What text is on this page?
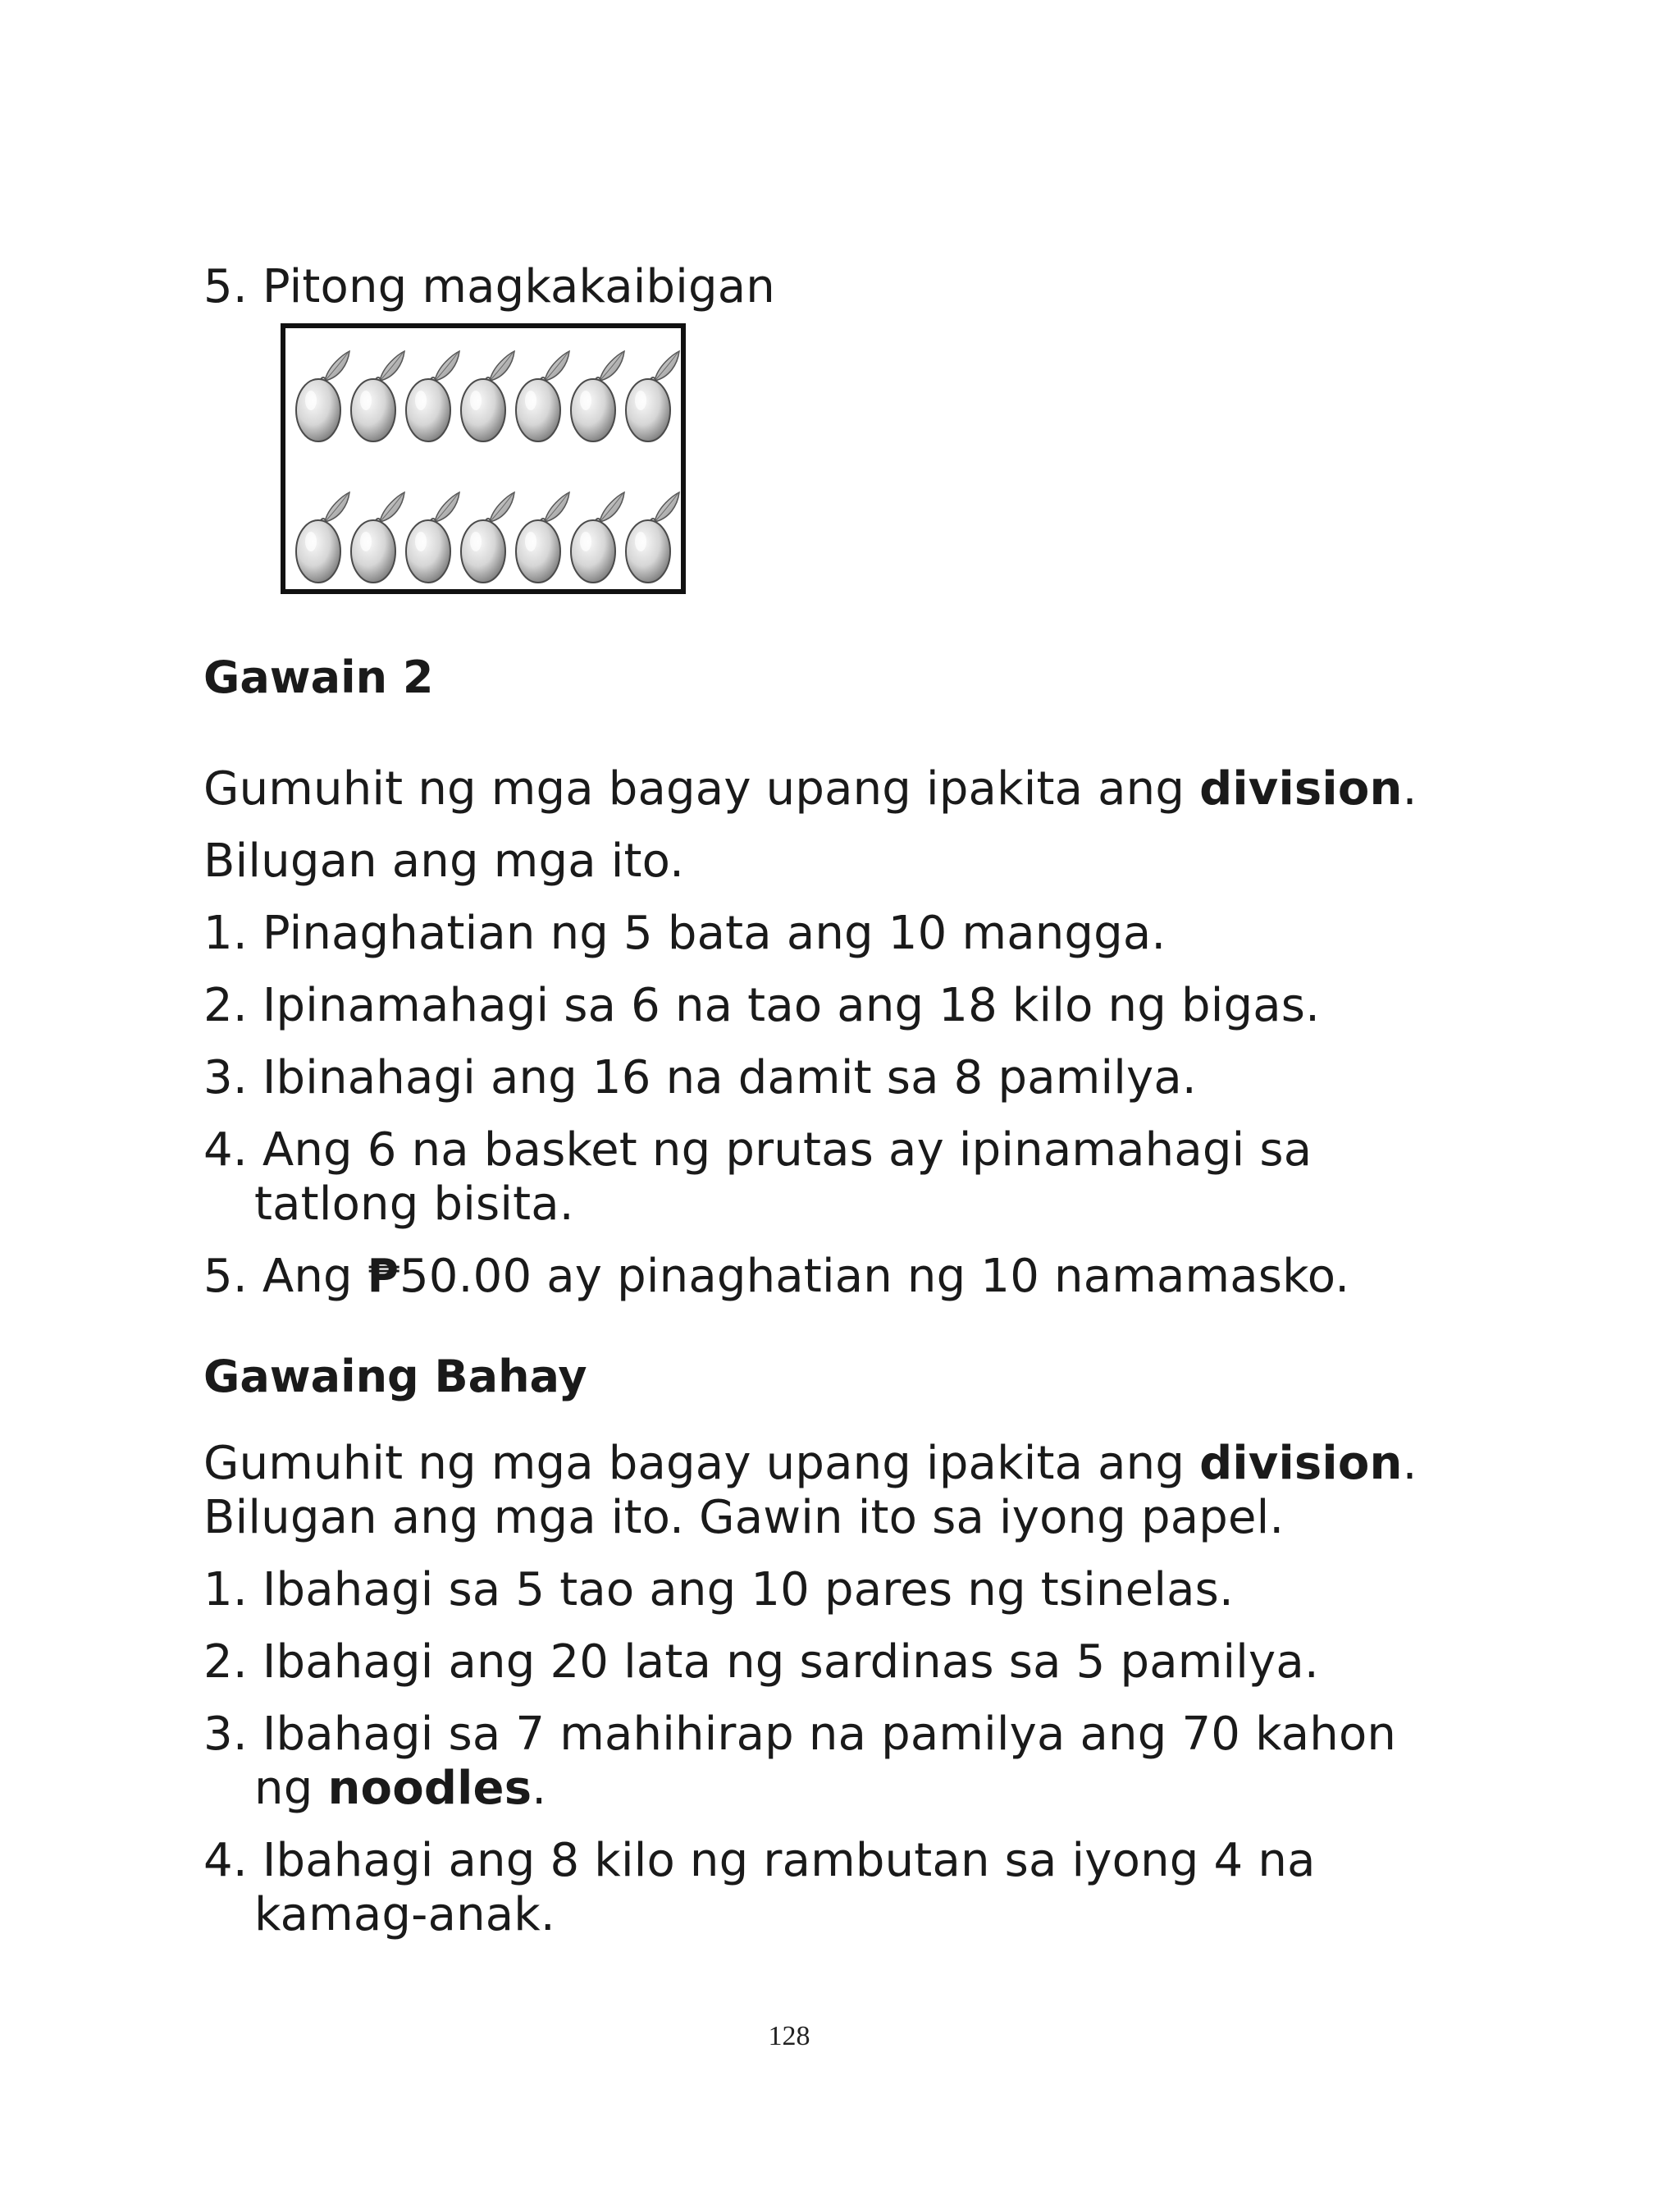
5. Pitong magkakaibigan
Gawain 2
Gumuhit ng mga bagay upang ipakita ang division.
Bilugan ang mga ito.
1. Pinaghatian ng 5 bata ang 10 mangga.
2. Ipinamahagi sa 6 na tao ang 18 kilo ng bigas.
3. Ibinahagi ang 16 na damit sa 8 pamilya.
4. Ang 6 na basket ng prutas ay ipinamahagi sa
tatlong bisita.
5. Ang ₱50.00 ay pinaghatian ng 10 namamasko.
Gawaing Bahay
Gumuhit ng mga bagay upang ipakita ang division.
Bilugan ang mga ito. Gawin ito sa iyong papel.
1. Ibahagi sa 5 tao ang 10 pares ng tsinelas.
2. Ibahagi ang 20 lata ng sardinas sa 5 pamilya.
3. Ibahagi sa 7 mahihirap na pamilya ang 70 kahon
ng noodles.
4. Ibahagi ang 8 kilo ng rambutan sa iyong 4 na
kamag-anak.
128
